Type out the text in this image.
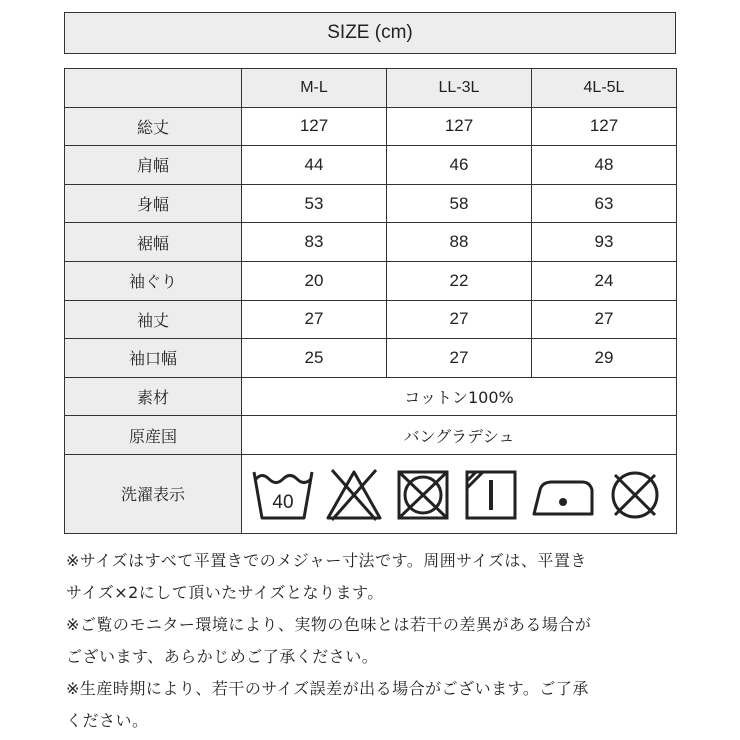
SIZE (cm)
	M-L	LL-3L	4L-5L
総丈	127	127	127
肩幅	44	46	48
身幅	53	58	63
裾幅	83	88	93
袖ぐり	20	22	24
袖丈	27	27	27
袖口幅	25	27	29
素材	コットン100%		
原産国	バングラデシュ		
洗濯表示	40		

※サイズはすべて平置きでのメジャー寸法です。周囲サイズは、平置き

サイズ×2にして頂いたサイズとなります。

※ご覧のモニター環境により、実物の色味とは若干の差異がある場合が

ございます、あらかじめご了承ください。

※生産時期により、若干のサイズ誤差が出る場合がございます。ご了承

ください。
